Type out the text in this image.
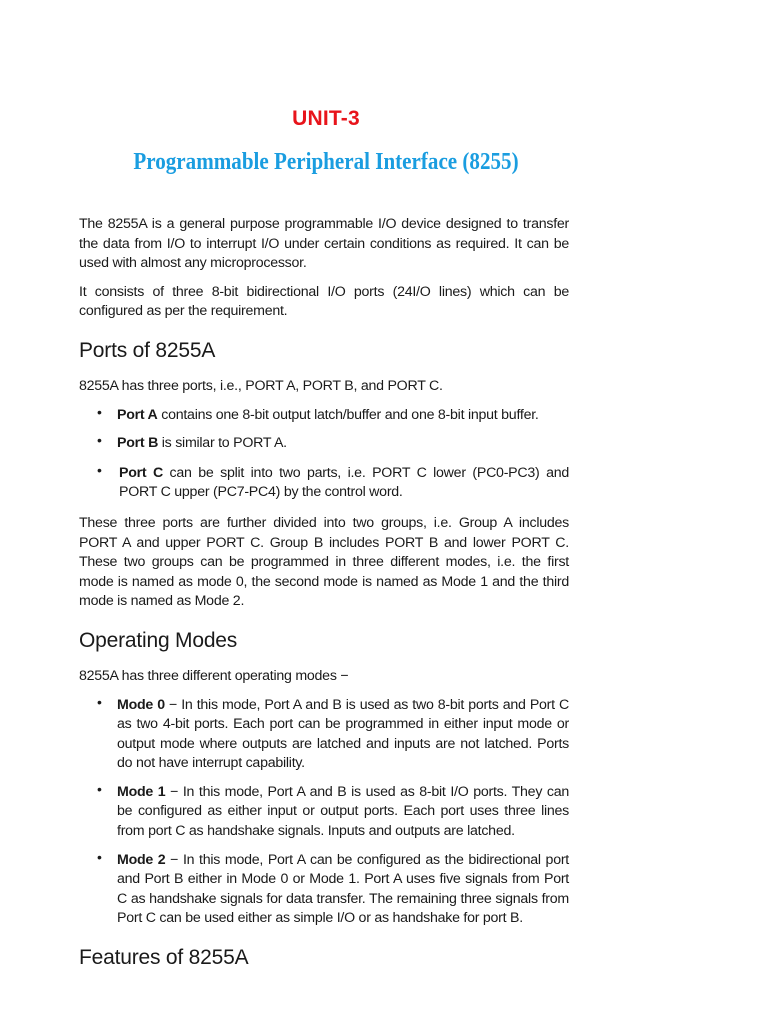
UNIT-3
Programmable Peripheral Interface (8255)

The 8255A is a general purpose programmable I/O device designed to transfer the data from I/O to interrupt I/O under certain conditions as required. It can be used with almost any microprocessor.

It consists of three 8-bit bidirectional I/O ports (24I/O lines) which can be configured as per the requirement.

Ports of 8255A

8255A has three ports, i.e., PORT A, PORT B, and PORT C.

• Port A contains one 8-bit output latch/buffer and one 8-bit input buffer.
• Port B is similar to PORT A.
• Port C can be split into two parts, i.e. PORT C lower (PC0-PC3) and PORT C upper (PC7-PC4) by the control word.

These three ports are further divided into two groups, i.e. Group A includes PORT A and upper PORT C. Group B includes PORT B and lower PORT C. These two groups can be programmed in three different modes, i.e. the first mode is named as mode 0, the second mode is named as Mode 1 and the third mode is named as Mode 2.

Operating Modes

8255A has three different operating modes −

• Mode 0 − In this mode, Port A and B is used as two 8-bit ports and Port C as two 4-bit ports. Each port can be programmed in either input mode or output mode where outputs are latched and inputs are not latched. Ports do not have interrupt capability.
• Mode 1 − In this mode, Port A and B is used as 8-bit I/O ports. They can be configured as either input or output ports. Each port uses three lines from port C as handshake signals. Inputs and outputs are latched.
• Mode 2 − In this mode, Port A can be configured as the bidirectional port and Port B either in Mode 0 or Mode 1. Port A uses five signals from Port C as handshake signals for data transfer. The remaining three signals from Port C can be used either as simple I/O or as handshake for port B.
Features of 8255A
